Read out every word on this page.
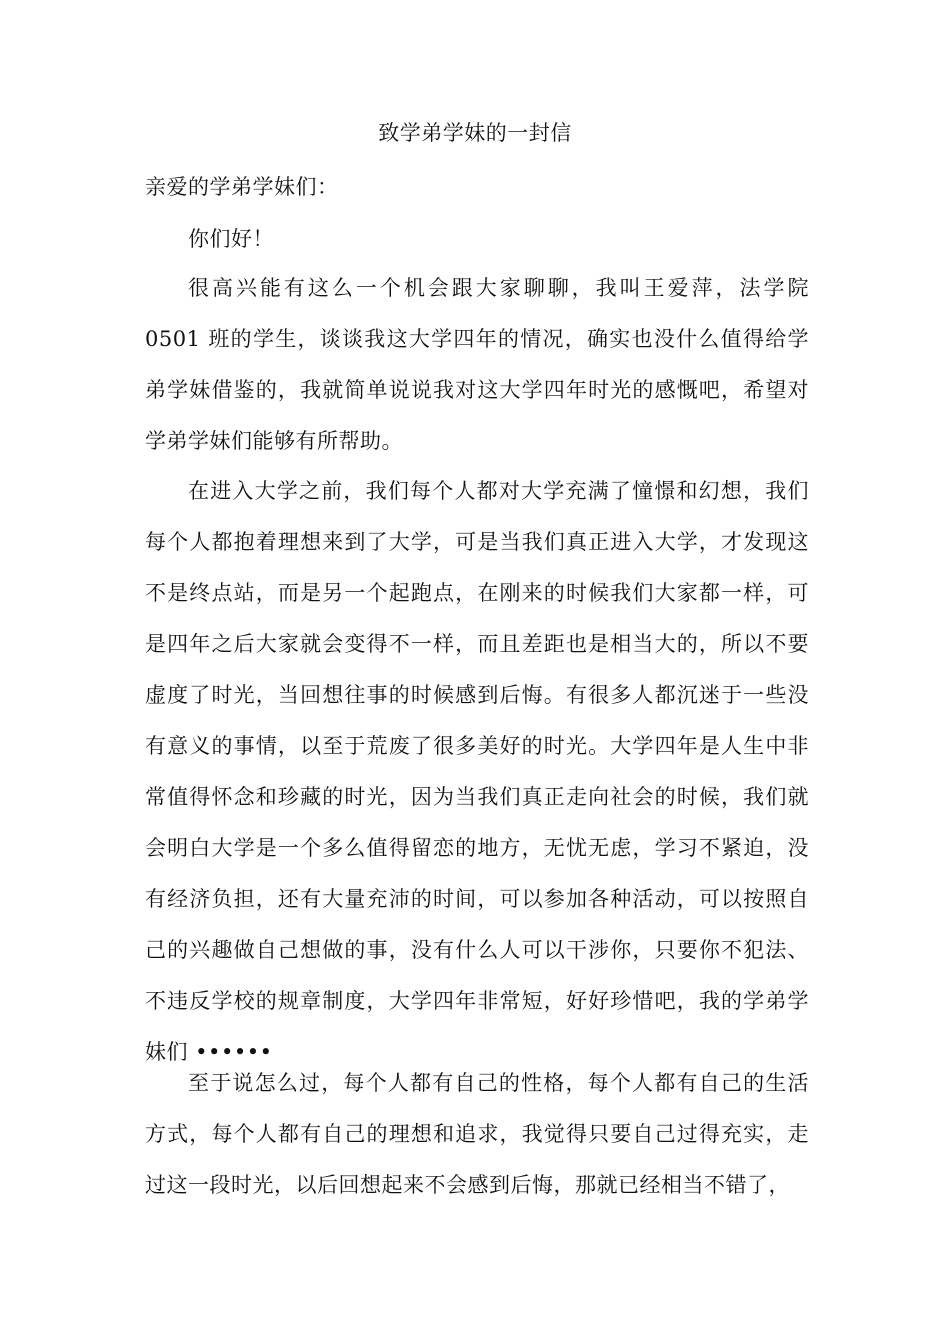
致学弟学妹的一封信
亲爱的学弟学妹们：
你们好！

很高兴能有这么一个机会跟大家聊聊，我叫王爱萍，法学院 0501 班的学生，谈谈我这大学四年的情况，确实也没什么值得给学弟学妹借鉴的，我就简单说说我对这大学四年时光的感慨吧，希望对学弟学妹们能够有所帮助。

在进入大学之前，我们每个人都对大学充满了憧憬和幻想，我们每个人都抱着理想来到了大学，可是当我们真正进入大学，才发现这不是终点站，而是另一个起跑点，在刚来的时候我们大家都一样，可是四年之后大家就会变得不一样，而且差距也是相当大的，所以不要虚度了时光，当回想往事的时候感到后悔。有很多人都沉迷于一些没有意义的事情，以至于荒废了很多美好的时光。大学四年是人生中非常值得怀念和珍藏的时光，因为当我们真正走向社会的时候，我们就会明白大学是一个多么值得留恋的地方，无忧无虑，学习不紧迫，没有经济负担，还有大量充沛的时间，可以参加各种活动，可以按照自己的兴趣做自己想做的事，没有什么人可以干涉你，只要你不犯法、不违反学校的规章制度，大学四年非常短，好好珍惜吧，我的学弟学妹们 ••••••

至于说怎么过，每个人都有自己的性格，每个人都有自己的生活方式，每个人都有自己的理想和追求，我觉得只要自己过得充实，走过这一段时光，以后回想起来不会感到后悔，那就已经相当不错了，
